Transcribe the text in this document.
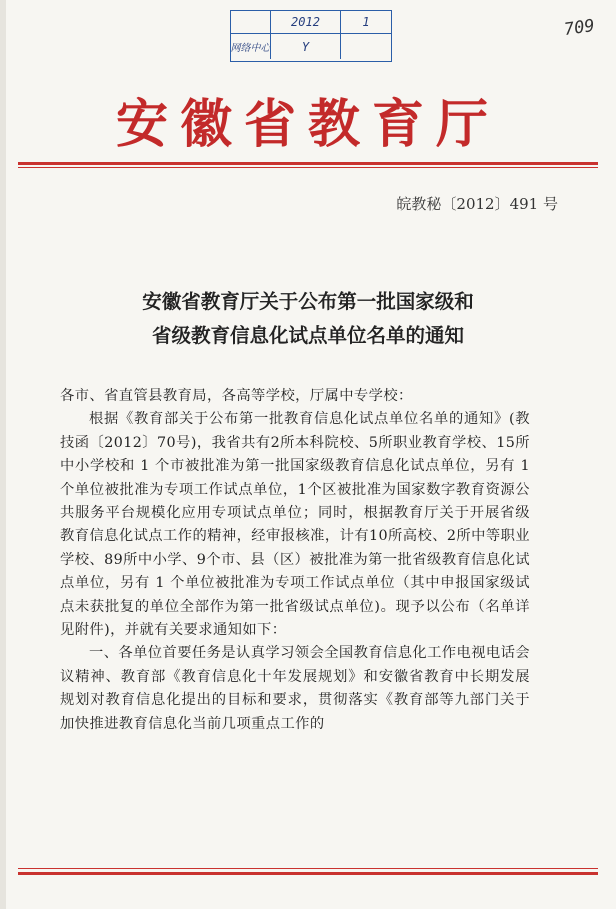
2012	1
网络中心	Y
709
安徽省教育厅
皖教秘〔2012〕491 号
安徽省教育厅关于公布第一批国家级和
省级教育信息化试点单位名单的通知

各市、省直管县教育局，各高等学校，厅属中专学校：

根据《教育部关于公布第一批教育信息化试点单位名单的通知》(教技函〔2012〕70号)，我省共有2所本科院校、5所职业教育学校、15所中小学校和 1 个市被批准为第一批国家级教育信息化试点单位，另有 1 个单位被批准为专项工作试点单位，1个区被批准为国家数字教育资源公共服务平台规模化应用专项试点单位；同时，根据教育厅关于开展省级教育信息化试点工作的精神，经审报核准，计有10所高校、2所中等职业学校、89所中小学、9个市、县（区）被批准为第一批省级教育信息化试点单位，另有 1 个单位被批准为专项工作试点单位（其中申报国家级试点未获批复的单位全部作为第一批省级试点单位)。现予以公布（名单详见附件)，并就有关要求通知如下：

一、各单位首要任务是认真学习领会全国教育信息化工作电视电话会议精神、教育部《教育信息化十年发展规划》和安徽省教育中长期发展规划对教育信息化提出的目标和要求，贯彻落实《教育部等九部门关于加快推进教育信息化当前几项重点工作的
